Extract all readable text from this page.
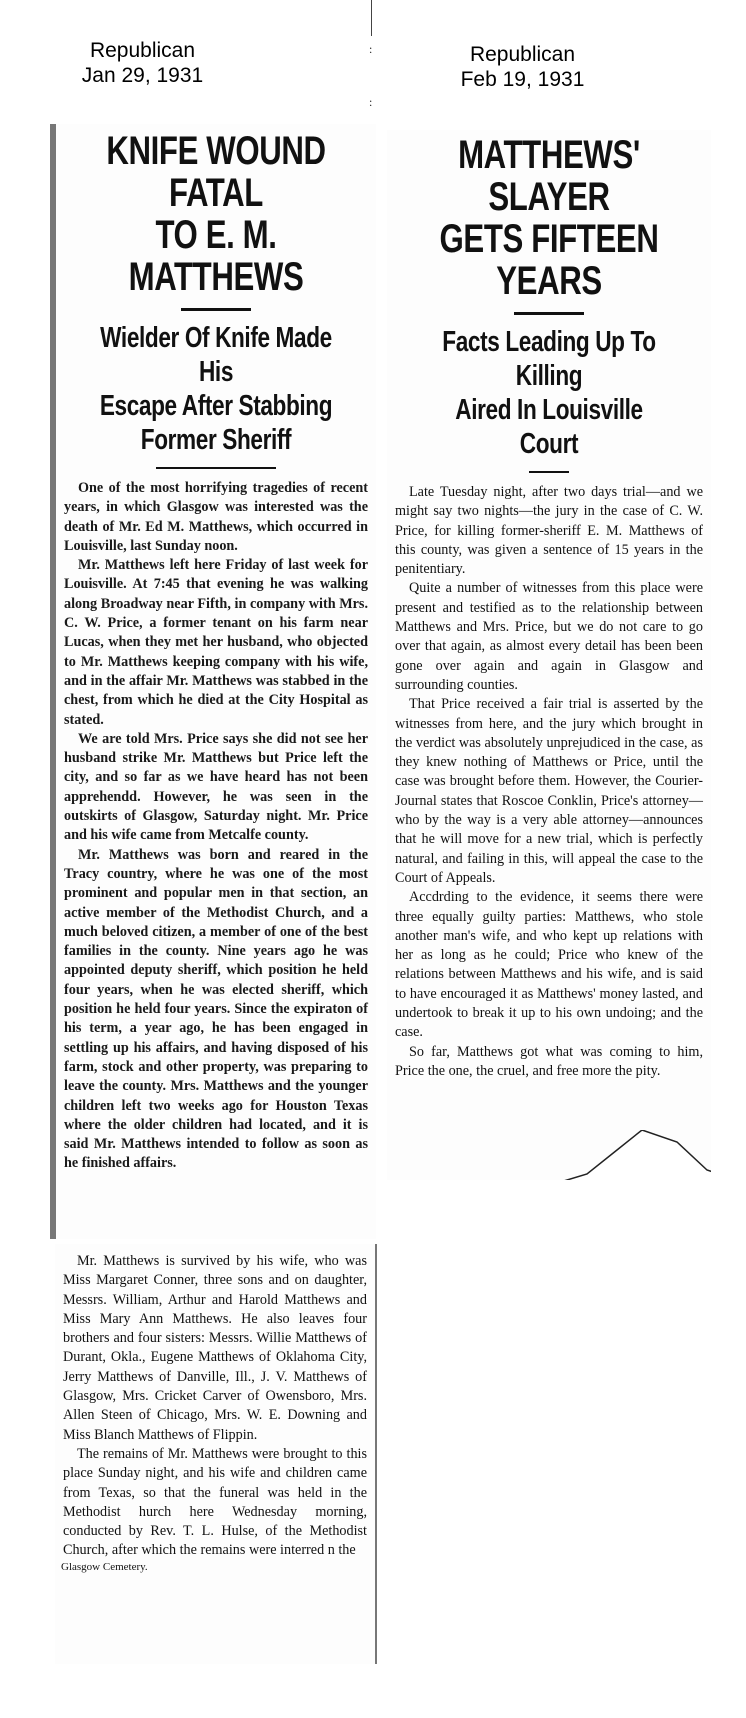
Republican
Jan 29, 1931
Republican
Feb 19, 1931
:
:
KNIFE WOUND FATAL
TO E. M. MATTHEWS
Wielder Of Knife Made His
Escape After Stabbing
Former Sheriff

One of the most horrifying tragedies of recent years, in which Glasgow was interested was the death of Mr. Ed M. Matthews, which occurred in Louisville, last Sunday noon.

Mr. Matthews left here Friday of last week for Louisville. At 7:45 that evening he was walking along Broadway near Fifth, in company with Mrs. C. W. Price, a former tenant on his farm near Lucas, when they met her husband, who objected to Mr. Matthews keeping company with his wife, and in the affair Mr. Matthews was stabbed in the chest, from which he died at the City Hospital as stated.

We are told Mrs. Price says she did not see her husband strike Mr. Matthews but Price left the city, and so far as we have heard has not been apprehendd. However, he was seen in the outskirts of Glasgow, Saturday night. Mr. Price and his wife came from Metcalfe county.

Mr. Matthews was born and reared in the Tracy country, where he was one of the most prominent and popular men in that section, an active member of the Methodist Church, and a much beloved citizen, a member of one of the best families in the county. Nine years ago he was appointed deputy sheriff, which position he held four years, when he was elected sheriff, which position he held four years. Since the expiraton of his term, a year ago, he has been engaged in settling up his affairs, and having disposed of his farm, stock and other property, was preparing to leave the county. Mrs. Matthews and the younger children left two weeks ago for Houston Texas where the older children had located, and it is said Mr. Matthews intended to follow as soon as he finished affairs.

Mr. Matthews is survived by his wife, who was Miss Margaret Conner, three sons and on daughter, Messrs. William, Arthur and Harold Matthews and Miss Mary Ann Matthews. He also leaves four brothers and four sisters: Messrs. Willie Matthews of Durant, Okla., Eugene Matthews of Oklahoma City, Jerry Matthews of Danville, Ill., J. V. Matthews of Glasgow, Mrs. Cricket Carver of Owensboro, Mrs. Allen Steen of Chicago, Mrs. W. E. Downing and Miss Blanch Matthews of Flippin.

The remains of Mr. Matthews were brought to this place Sunday night, and his wife and children came from Texas, so that the funeral was held in the Methodist hurch here Wednesday morning, conducted by Rev. T. L. Hulse, of the Methodist Church, after which the remains were interred n the

Glasgow Cemetery.
MATTHEWS' SLAYER
GETS FIFTEEN YEARS
Facts Leading Up To Killing
Aired In Louisville
Court

Late Tuesday night, after two days trial—and we might say two nights—the jury in the case of C. W. Price, for killing former-sheriff E. M. Matthews of this county, was given a sentence of 15 years in the penitentiary.

Quite a number of witnesses from this place were present and testified as to the relationship between Matthews and Mrs. Price, but we do not care to go over that again, as almost every detail has been been gone over again and again in Glasgow and surrounding counties.

That Price received a fair trial is asserted by the witnesses from here, and the jury which brought in the verdict was absolutely unprejudiced in the case, as they knew nothing of Matthews or Price, until the case was brought before them. However, the Courier-Journal states that Roscoe Conklin, Price's attorney—who by the way is a very able attorney—announces that he will move for a new trial, which is perfectly natural, and failing in this, will appeal the case to the Court of Appeals.

Accdrding to the evidence, it seems there were three equally guilty parties: Matthews, who stole another man's wife, and who kept up relations with her as long as he could; Price who knew of the relations between Matthews and his wife, and is said to have encouraged it as Matthews' money lasted, and undertook to break it up to his own undoing; and the case.

So far, Matthews got what was coming to him, Price the one, the cruel, and free more the pity.
